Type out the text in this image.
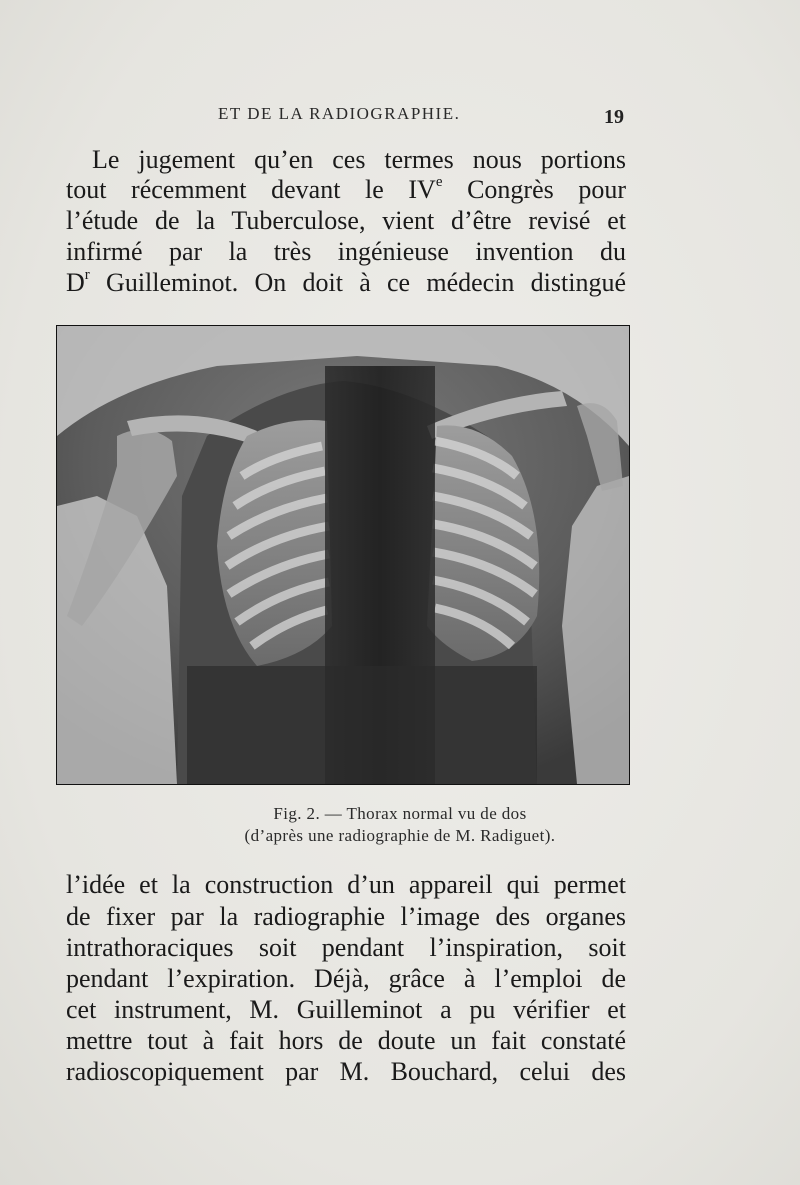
ET DE LA RADIOGRAPHIE.	19
Le jugement qu’en ces termes nous portions
tout récemment devant le IVe Congrès pour
l’étude de la Tuberculose, vient d’être revisé et
infirmé par la très ingénieuse invention du
$D^r$ Guilleminot. On doit à ce médecin distingué
Fig. 2. — Thorax normal vu de dos
(d’après une radiographie de M. Radiguet).
l’idée et la construction d’un appareil qui permet
de fixer par la radiographie l’image des organes
intrathoraciques soit pendant l’inspiration, soit
pendant l’expiration. Déjà, grâce à l’emploi de
cet instrument, M. Guilleminot a pu vérifier et
mettre tout à fait hors de doute un fait constaté
radioscopiquement par M. Bouchard, celui des
